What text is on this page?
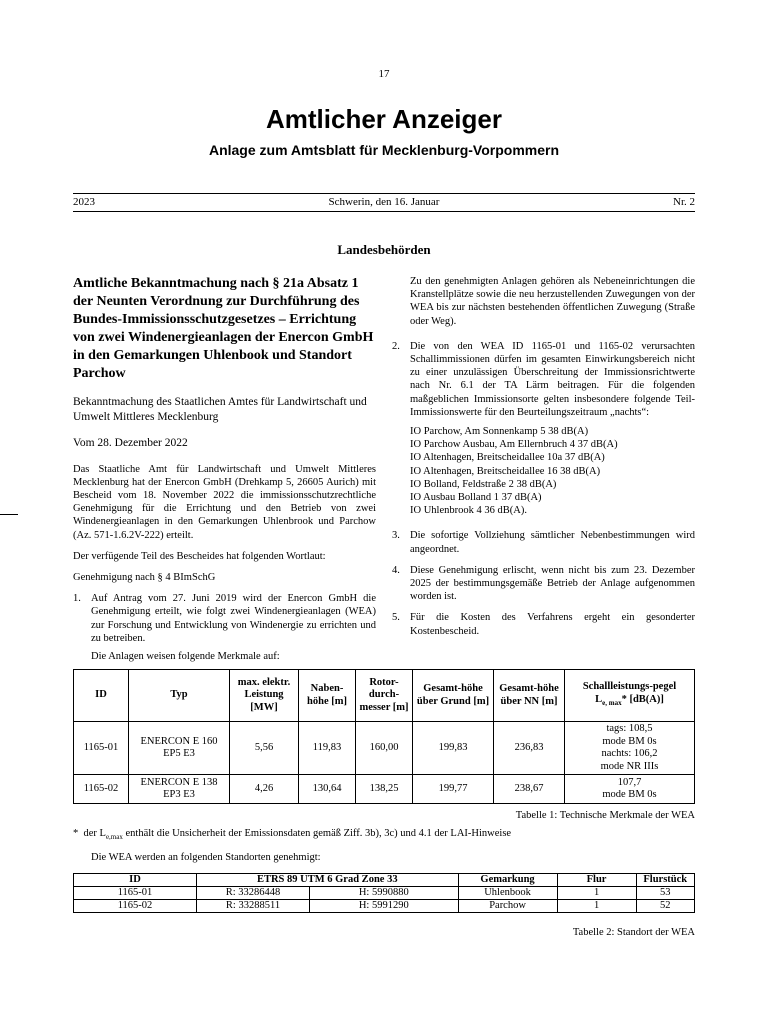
17
Amtlicher Anzeiger
Anlage zum Amtsblatt für Mecklenburg-Vorpommern
2023	Schwerin, den 16. Januar	Nr. 2
Landesbehörden
Amtliche Bekanntmachung nach § 21a Absatz 1 der Neunten Verordnung zur Durchführung des Bundes-Immissionsschutzgesetzes – Errichtung von zwei Windenergieanlagen der Enercon GmbH in den Gemarkungen Uhlenbook und Standort Parchow
Bekanntmachung des Staatlichen Amtes für Landwirtschaft und Umwelt Mittleres Mecklenburg
Vom 28. Dezember 2022
Das Staatliche Amt für Landwirtschaft und Umwelt Mittleres Mecklenburg hat der Enercon GmbH (Drehkamp 5, 26605 Aurich) mit Bescheid vom 18. November 2022 die immissionsschutzrechtliche Genehmigung für die Errichtung und den Betrieb von zwei Windenergieanlagen in den Gemarkungen Uhlenbrook und Parchow (Az. 571-1.6.2V-222) erteilt.
Der verfügende Teil des Bescheides hat folgenden Wortlaut:
Genehmigung nach § 4 BImSchG
1. Auf Antrag vom 27. Juni 2019 wird der Enercon GmbH die Genehmigung erteilt, wie folgt zwei Windenergieanlagen (WEA) zur Forschung und Entwicklung von Windenergie zu errichten und zu betreiben.
Die Anlagen weisen folgende Merkmale auf:
Zu den genehmigten Anlagen gehören als Nebeneinrichtungen die Kranstellplätze sowie die neu herzustellenden Zuwegungen von der WEA bis zur nächsten bestehenden öffentlichen Zuwegung (Straße oder Weg).
2. Die von den WEA ID 1165-01 und 1165-02 verursachten Schallimmissionen dürfen im gesamten Einwirkungsbereich nicht zu einer unzulässigen Überschreitung der Immissionsrichtwerte nach Nr. 6.1 der TA Lärm beitragen. Für die folgenden maßgeblichen Immissionsorte gelten insbesondere folgende Teil-Immissionswerte für den Beurteilungszeitraum „nachts“:
IO Parchow, Am Sonnenkamp 5 38 dB(A)
IO Parchow Ausbau, Am Ellernbruch 4 37 dB(A)
IO Altenhagen, Breitscheidallee 10a 37 dB(A)
IO Altenhagen, Breitscheidallee 16 38 dB(A)
IO Bolland, Feldstraße 2 38 dB(A)
IO Ausbau Bolland 1 37 dB(A)
IO Uhlenbrook 4 36 dB(A).
3. Die sofortige Vollziehung sämtlicher Nebenbestimmungen wird angeordnet.
4. Diese Genehmigung erlischt, wenn nicht bis zum 23. Dezember 2025 der bestimmungsgemäße Betrieb der Anlage aufgenommen worden ist.
5. Für die Kosten des Verfahrens ergeht ein gesonderter Kostenbescheid.
ID	Typ	max. elektr. Leistung [MW]	Naben-höhe [m]	Rotor-durch-messer [m]	Gesamt-höhe über Grund [m]	Gesamt-höhe über NN [m]	Schallleistungs-pegel
$L_{e, max}*$ [dB(A)]
1165-01	ENERCON E 160 EP5 E3	5,56	119,83	160,00	199,83	236,83	tags: 108,5
mode BM 0s
nachts: 106,2
mode NR IIIs

1165-02	ENERCON E 138 EP3 E3	4,26	130,64	138,25	199,77	238,67	107,7
mode BM 0s
Tabelle 1: Technische Merkmale der WEA
* der $L_{e,max}$ enthält die Unsicherheit der Emissionsdaten gemäß Ziff. 3b), 3c) und 4.1 der LAI-Hinweise
Die WEA werden an folgenden Standorten genehmigt:
ID	ETRS 89 UTM 6 Grad Zone 33		Gemarkung	Flur	Flurstück
1165-01	R: 33286448	H: 5990880	Uhlenbook	1	53
1165-02	R: 33288511	H: 5991290	Parchow	1	52
Tabelle 2: Standort der WEA
